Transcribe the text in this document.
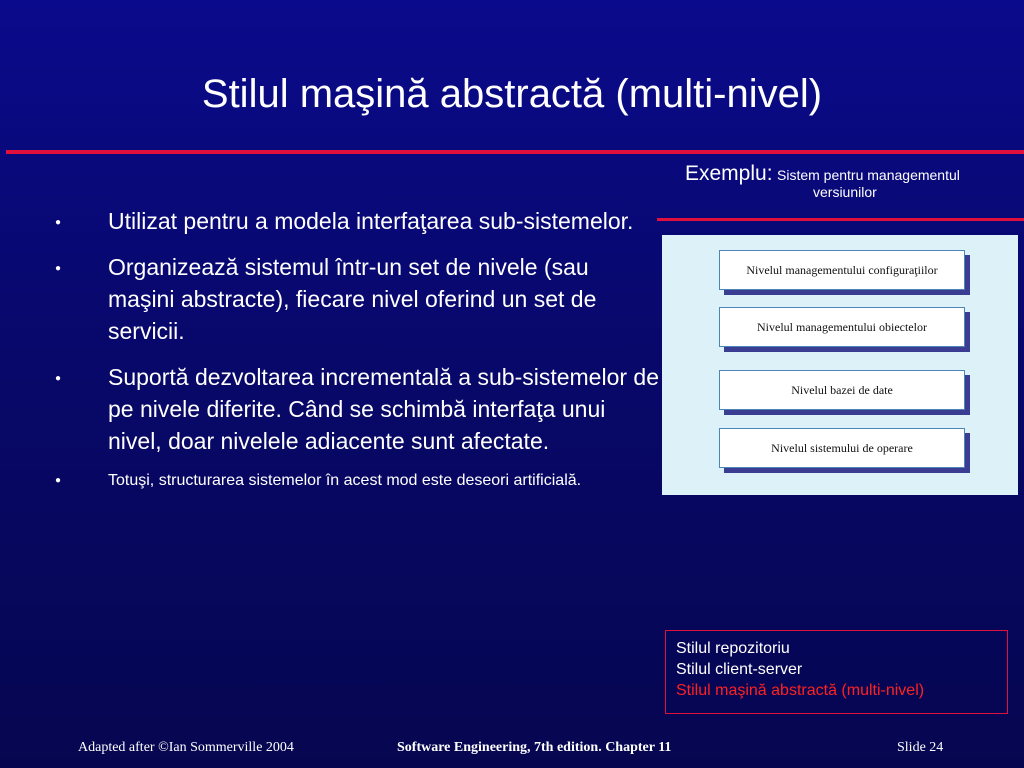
Stilul maşină abstractă (multi-nivel)
Exemplu: Sistem pentru managementul
versiunilor
● Utilizat pentru a modela interfaţarea sub-sistemelor.
● Organizează sistemul într-un set de nivele (sau maşini abstracte), fiecare nivel oferind un set de servicii.
● Suportă dezvoltarea incrementală a sub-sistemelor de pe nivele diferite. Când se schimbă interfaţa unui nivel, doar nivelele adiacente sunt afectate.
●	Totuşi, structurarea sistemelor în acest mod este deseori artificială.
Nivelul managementului configuraţiilor
Nivelul managementului obiectelor
Nivelul bazei de date
Nivelul sistemului de operare
Stilul repozitoriu
Stilul client-server
Stilul maşină abstractă (multi-nivel)
Adapted after ©Ian Sommerville 2004	Software Engineering, 7th edition. Chapter 11	Slide 24
